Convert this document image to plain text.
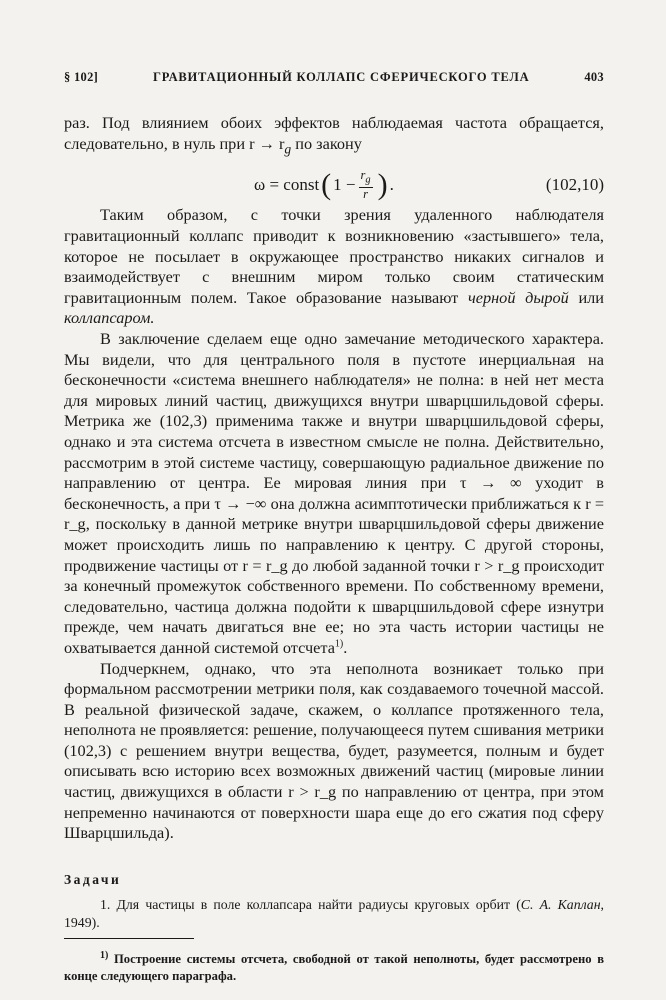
§ 102]	ГРАВИТАЦИОННЫЙ КОЛЛАПС СФЕРИЧЕСКОГО ТЕЛА	403

раз. Под влиянием обоих эффектов наблюдаемая частота обращается, следовательно, в нуль при $r \to r_g$ по закону

ω = const ( $1 - \frac{r_g}{r}$ ) .	(102,10)

Таким образом, с точки зрения удаленного наблюдателя гравитационный коллапс приводит к возникновению «застывшего» тела, которое не посылает в окружающее пространство никаких сигналов и взаимодействует с внешним миром только своим статическим гравитационным полем. Такое образование называют черной дырой или коллапсаром.

В заключение сделаем еще одно замечание методического характера. Мы видели, что для центрального поля в пустоте инерциальная на бесконечности «система внешнего наблюдателя» не полна: в ней нет места для мировых линий частиц, движущихся внутри шварцшильдовой сферы. Метрика же (102,3) применима также и внутри шварцшильдовой сферы, однако и эта система отсчета в известном смысле не полна. Действительно, рассмотрим в этой системе частицу, совершающую радиальное движение по направлению от центра. Ее мировая линия при τ → ∞ уходит в бесконечность, а при τ → −∞ она должна асимптотически приближаться к r = r_g, поскольку в данной метрике внутри шварцшильдовой сферы движение может происходить лишь по направлению к центру. С другой стороны, продвижение частицы от r = r_g до любой заданной точки r > r_g происходит за конечный промежуток собственного времени. По собственному времени, следовательно, частица должна подойти к шварцшильдовой сфере изнутри прежде, чем начать двигаться вне ее; но эта часть истории частицы не охватывается данной системой отсчета$^{1)}$.

Подчеркнем, однако, что эта неполнота возникает только при формальном рассмотрении метрики поля, как создаваемого точечной массой. В реальной физической задаче, скажем, о коллапсе протяженного тела, неполнота не проявляется: решение, получающееся путем сшивания метрики (102,3) с решением внутри вещества, будет, разумеется, полным и будет описывать всю историю всех возможных движений частиц (мировые линии частиц, движущихся в области r > r_g по направлению от центра, при этом непременно начинаются от поверхности шара еще до его сжатия под сферу Шварцшильда).

Задачи

1. Для частицы в поле коллапсара найти радиусы круговых орбит (С. А. Каплан, 1949).

$^{1)}$ Построение системы отсчета, свободной от такой неполноты, будет рассмотрено в конце следующего параграфа.
